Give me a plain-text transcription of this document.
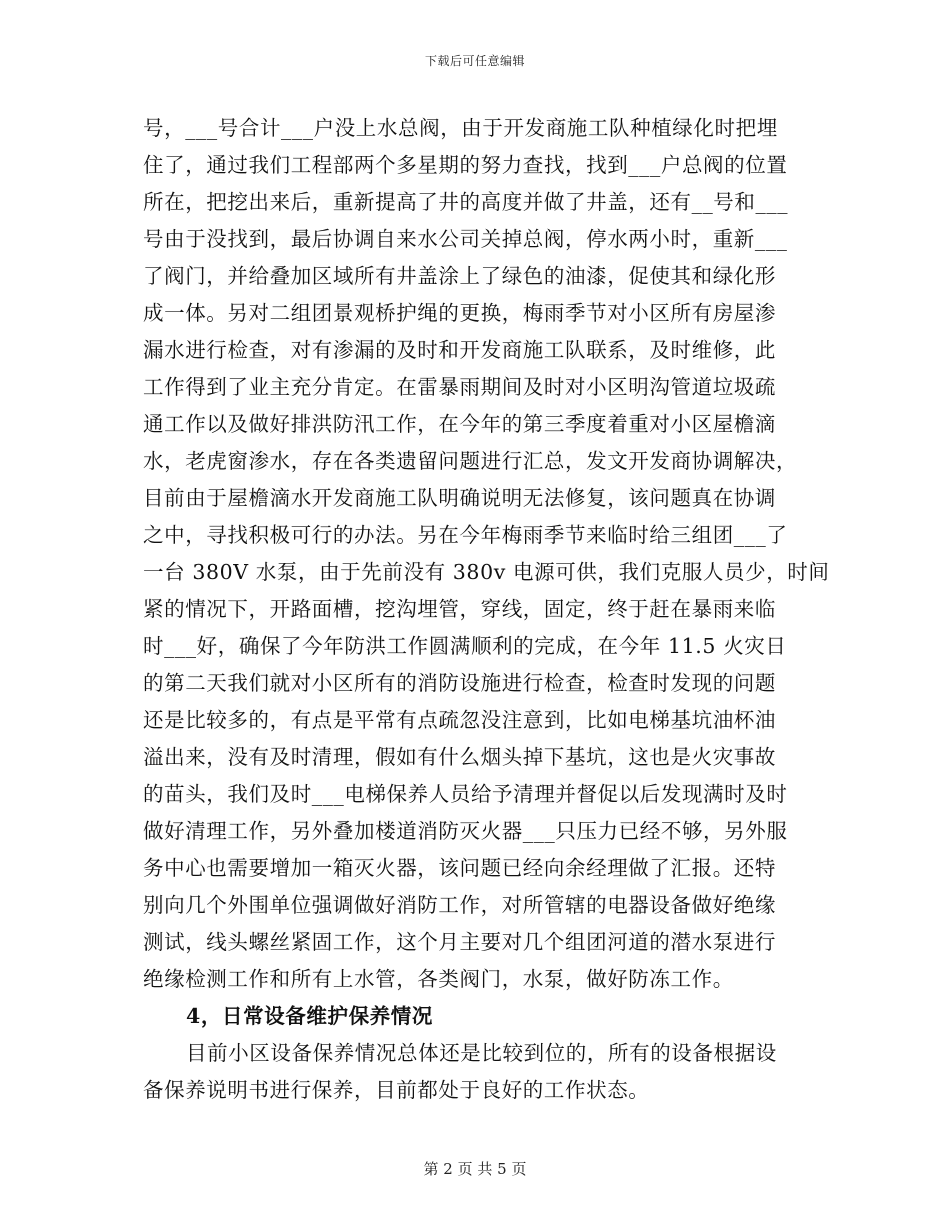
下载后可任意编辑
号，___号合计___户没上水总阀，由于开发商施工队种植绿化时把埋
住了，通过我们工程部两个多星期的努力查找，找到___户总阀的位置
所在，把挖出来后，重新提高了井的高度并做了井盖，还有__号和___
号由于没找到，最后协调自来水公司关掉总阀，停水两小时，重新___
了阀门，并给叠加区域所有井盖涂上了绿色的油漆，促使其和绿化形
成一体。另对二组团景观桥护绳的更换，梅雨季节对小区所有房屋渗
漏水进行检查，对有渗漏的及时和开发商施工队联系，及时维修，此
工作得到了业主充分肯定。在雷暴雨期间及时对小区明沟管道垃圾疏
通工作以及做好排洪防汛工作，在今年的第三季度着重对小区屋檐滴
水，老虎窗渗水，存在各类遗留问题进行汇总，发文开发商协调解决，
目前由于屋檐滴水开发商施工队明确说明无法修复，该问题真在协调
之中，寻找积极可行的办法。另在今年梅雨季节来临时给三组团___了
一台 380V 水泵，由于先前没有 380v 电源可供，我们克服人员少，时间
紧的情况下，开路面槽，挖沟埋管，穿线，固定，终于赶在暴雨来临
时___好，确保了今年防洪工作圆满顺利的完成，在今年 11.5 火灾日
的第二天我们就对小区所有的消防设施进行检查，检查时发现的问题
还是比较多的，有点是平常有点疏忽没注意到，比如电梯基坑油杯油
溢出来，没有及时清理，假如有什么烟头掉下基坑，这也是火灾事故
的苗头，我们及时___电梯保养人员给予清理并督促以后发现满时及时
做好清理工作，另外叠加楼道消防灭火器___只压力已经不够，另外服
务中心也需要增加一箱灭火器，该问题已经向余经理做了汇报。还特
别向几个外围单位强调做好消防工作，对所管辖的电器设备做好绝缘
测试，线头螺丝紧固工作，这个月主要对几个组团河道的潜水泵进行
绝缘检测工作和所有上水管，各类阀门，水泵，做好防冻工作。
4，日常设备维护保养情况
目前小区设备保养情况总体还是比较到位的，所有的设备根据设
备保养说明书进行保养，目前都处于良好的工作状态。
第 2 页 共 5 页
